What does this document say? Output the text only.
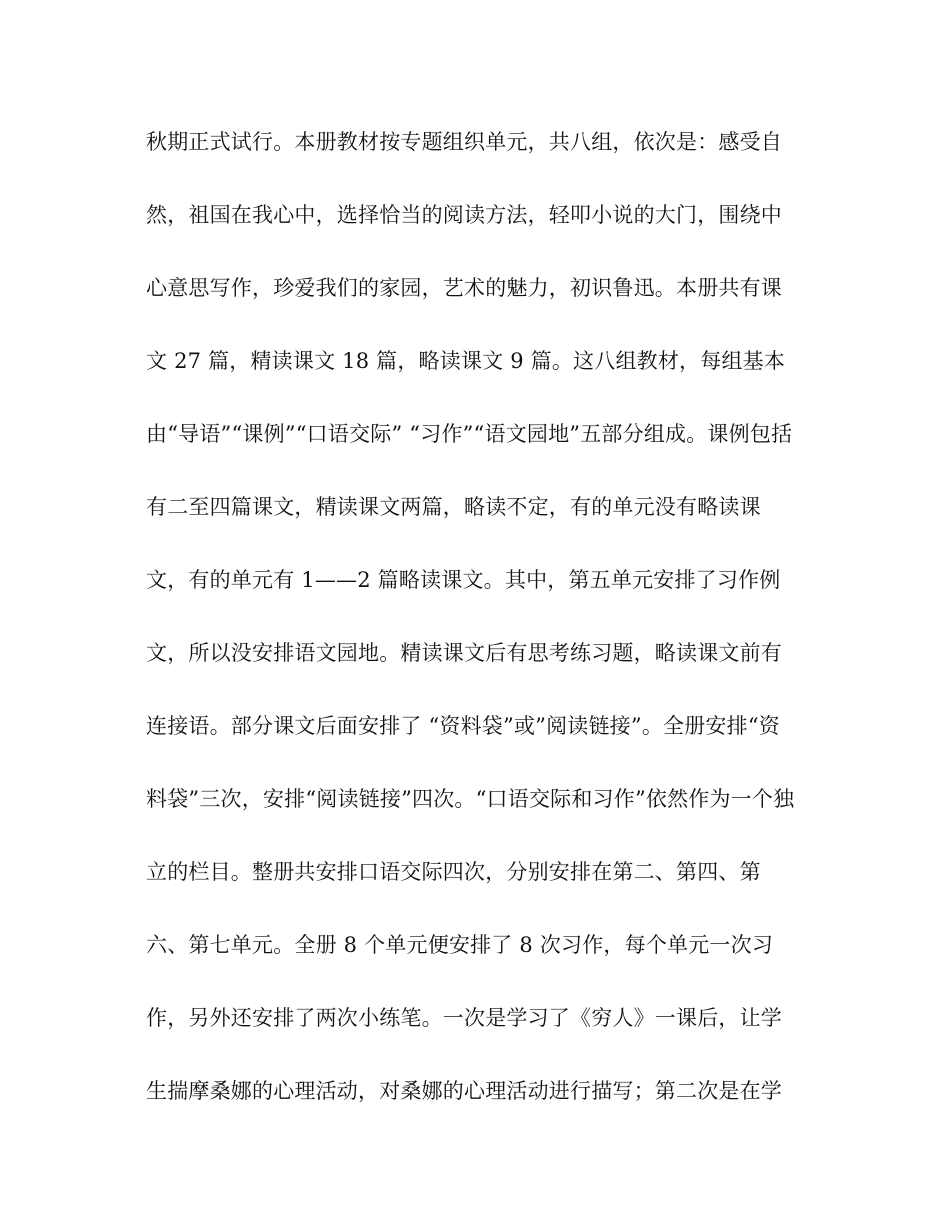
秋期正式试行。本册教材按专题组织单元，共八组，依次是：感受自
然，祖国在我心中，选择恰当的阅读方法，轻叩小说的大门，围绕中
心意思写作，珍爱我们的家园，艺术的魅力，初识鲁迅。本册共有课
文 27 篇，精读课文 18 篇，略读课文 9 篇。这八组教材，每组基本
由“导语”“课例”“口语交际” “习作”“语文园地”五部分组成。课例包括
有二至四篇课文，精读课文两篇，略读不定，有的单元没有略读课
文，有的单元有 1——2 篇略读课文。其中，第五单元安排了习作例
文，所以没安排语文园地。精读课文后有思考练习题，略读课文前有
连接语。部分课文后面安排了 “资料袋”或”阅读链接”。全册安排“资
料袋”三次，安排“阅读链接”四次。“口语交际和习作”依然作为一个独
立的栏目。整册共安排口语交际四次，分别安排在第二、第四、第
六、第七单元。全册 8 个单元便安排了 8 次习作，每个单元一次习
作，另外还安排了两次小练笔。一次是学习了《穷人》一课后，让学
生揣摩桑娜的心理活动，对桑娜的心理活动进行描写；第二次是在学
